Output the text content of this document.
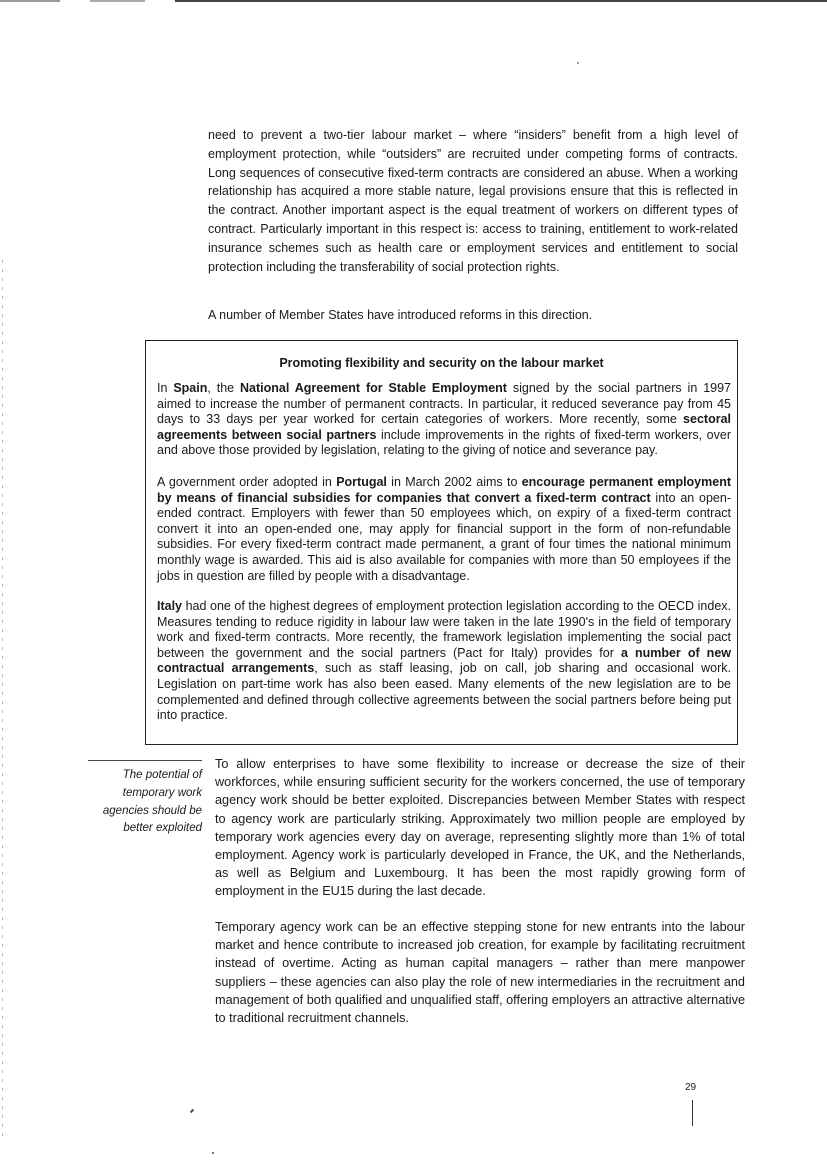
need to prevent a two-tier labour market – where “insiders” benefit from a high level of employment protection, while “outsiders” are recruited under competing forms of contracts. Long sequences of consecutive fixed-term contracts are considered an abuse. When a working relationship has acquired a more stable nature, legal provisions ensure that this is reflected in the contract. Another important aspect is the equal treatment of workers on different types of contract. Particularly important in this respect is: access to training, entitlement to work-related insurance schemes such as health care or employment services and entitlement to social protection including the transferability of social protection rights.

A number of Member States have introduced reforms in this direction.

Promoting flexibility and security on the labour market

In Spain, the National Agreement for Stable Employment signed by the social partners in 1997 aimed to increase the number of permanent contracts. In particular, it reduced severance pay from 45 days to 33 days per year worked for certain categories of workers. More recently, some sectoral agreements between social partners include improvements in the rights of fixed-term workers, over and above those provided by legislation, relating to the giving of notice and severance pay.

A government order adopted in Portugal in March 2002 aims to encourage permanent employment by means of financial subsidies for companies that convert a fixed-term contract into an open-ended contract. Employers with fewer than 50 employees which, on expiry of a fixed-term contract convert it into an open-ended one, may apply for financial support in the form of non-refundable subsidies. For every fixed-term contract made permanent, a grant of four times the national minimum monthly wage is awarded. This aid is also available for companies with more than 50 employees if the jobs in question are filled by people with a disadvantage.

Italy had one of the highest degrees of employment protection legislation according to the OECD index. Measures tending to reduce rigidity in labour law were taken in the late 1990's in the field of temporary work and fixed-term contracts. More recently, the framework legislation implementing the social pact between the government and the social partners (Pact for Italy) provides for a number of new contractual arrangements, such as staff leasing, job on call, job sharing and occasional work. Legislation on part-time work has also been eased. Many elements of the new legislation are to be complemented and defined through collective agreements between the social partners before being put into practice.

The potential of
temporary work
agencies should be
better exploited

To allow enterprises to have some flexibility to increase or decrease the size of their workforces, while ensuring sufficient security for the workers concerned, the use of temporary agency work should be better exploited. Discrepancies between Member States with respect to agency work are particularly striking. Approximately two million people are employed by temporary work agencies every day on average, representing slightly more than 1% of total employment. Agency work is particularly developed in France, the UK, and the Netherlands, as well as Belgium and Luxembourg. It has been the most rapidly growing form of employment in the EU15 during the last decade.

Temporary agency work can be an effective stepping stone for new entrants into the labour market and hence contribute to increased job creation, for example by facilitating recruitment instead of overtime. Acting as human capital managers – rather than mere manpower suppliers – these agencies can also play the role of new intermediaries in the recruitment and management of both qualified and unqualified staff, offering employers an attractive alternative to traditional recruitment channels.

29
